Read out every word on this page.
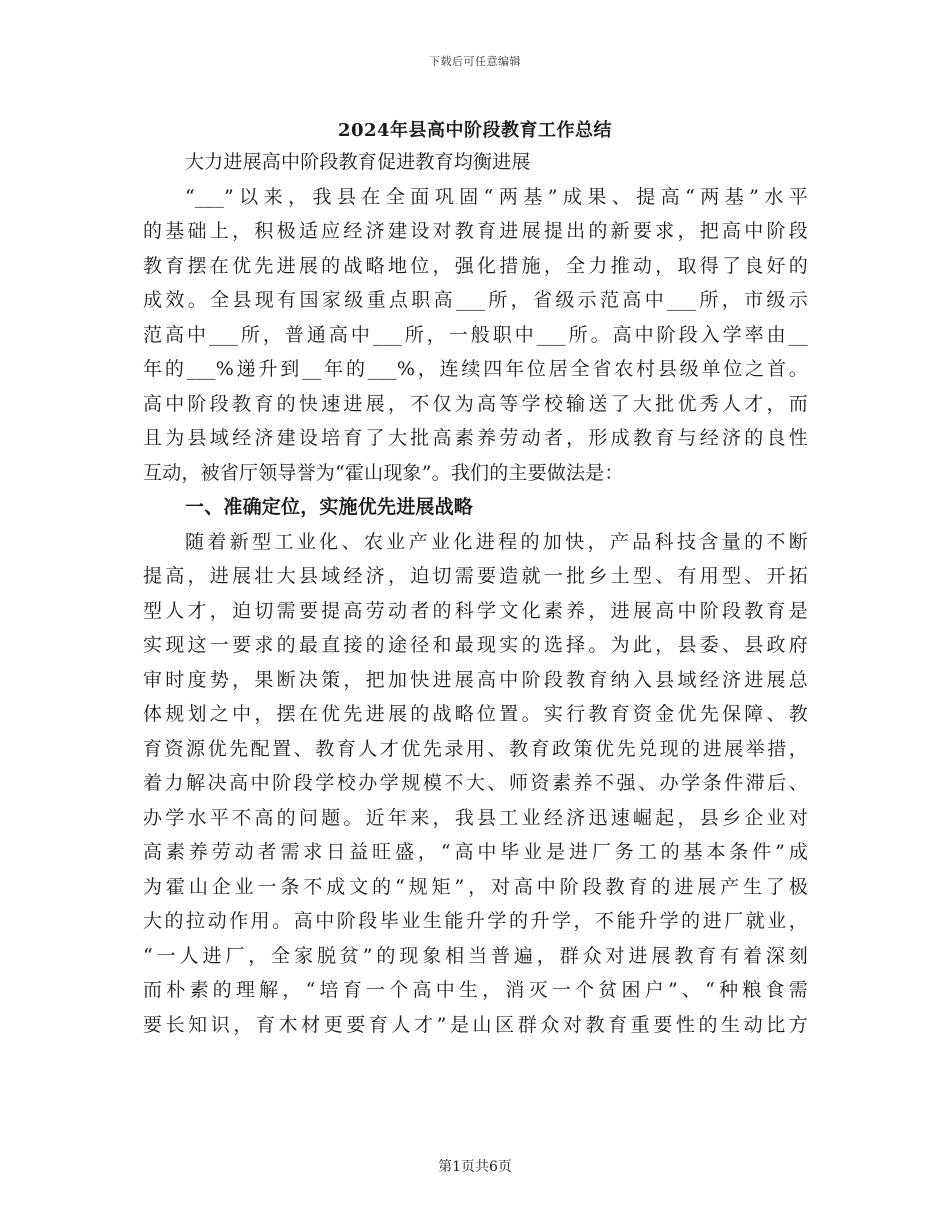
下载后可任意编辑
2024年县高中阶段教育工作总结
大力进展高中阶段教育促进教育均衡进展
“___”以来，我县在全面巩固“两基”成果、提高“两基”水平
的基础上，积极适应经济建设对教育进展提出的新要求，把高中阶段
教育摆在优先进展的战略地位，强化措施，全力推动，取得了良好的
成效。全县现有国家级重点职高___所，省级示范高中___所，市级示
范高中___所，普通高中___所，一般职中___所。高中阶段入学率由__
年的___%递升到__年的___%，连续四年位居全省农村县级单位之首。
高中阶段教育的快速进展，不仅为高等学校输送了大批优秀人才，而
且为县域经济建设培育了大批高素养劳动者，形成教育与经济的良性
互动，被省厅领导誉为“霍山现象”。我们的主要做法是：
一、准确定位，实施优先进展战略
随着新型工业化、农业产业化进程的加快，产品科技含量的不断
提高，进展壮大县域经济，迫切需要造就一批乡土型、有用型、开拓
型人才，迫切需要提高劳动者的科学文化素养，进展高中阶段教育是
实现这一要求的最直接的途径和最现实的选择。为此，县委、县政府
审时度势，果断决策，把加快进展高中阶段教育纳入县域经济进展总
体规划之中，摆在优先进展的战略位置。实行教育资金优先保障、教
育资源优先配置、教育人才优先录用、教育政策优先兑现的进展举措，
着力解决高中阶段学校办学规模不大、师资素养不强、办学条件滞后、
办学水平不高的问题。近年来，我县工业经济迅速崛起，县乡企业对
高素养劳动者需求日益旺盛，“高中毕业是进厂务工的基本条件”成
为霍山企业一条不成文的“规矩”，对高中阶段教育的进展产生了极
大的拉动作用。高中阶段毕业生能升学的升学，不能升学的进厂就业，
“一人进厂，全家脱贫”的现象相当普遍，群众对进展教育有着深刻
而朴素的理解，“培育一个高中生，消灭一个贫困户”、“种粮食需
要长知识，育木材更要育人才”是山区群众对教育重要性的生动比方
第1页共6页
